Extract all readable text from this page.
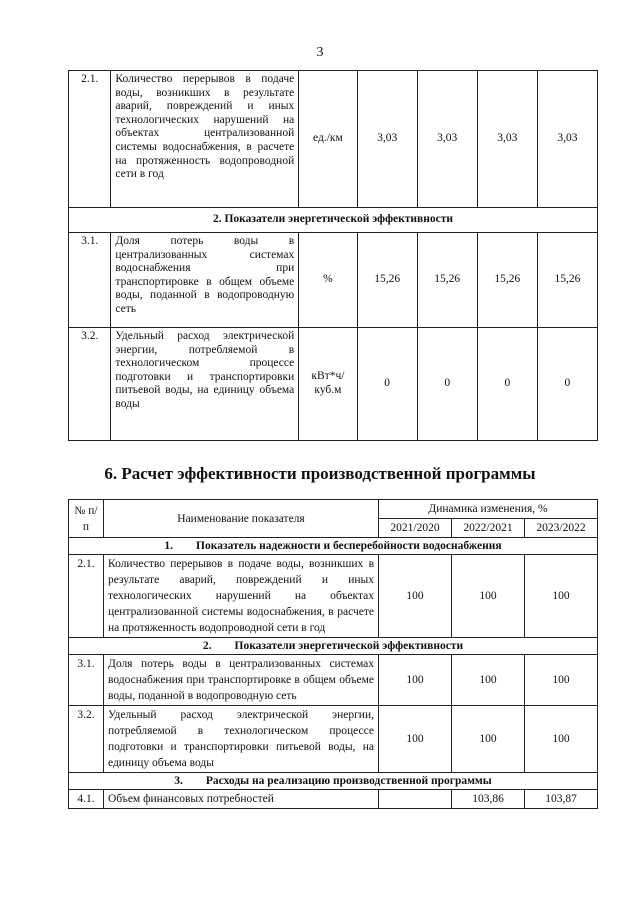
3
2.1.	Количество перерывов в подаче воды, возникших в результате аварий, повреждений и иных технологических нарушений на объектах централизованной системы водоснабжения, в расчете на протяженность водопроводной сети в год	ед./км	3,03	3,03	3,03	3,03
2. Показатели энергетической эффективности						
3.1.	Доля потерь воды в централизованных системах водоснабжения при транспортировке в общем объеме воды, поданной в водопроводную сеть	%	15,26	15,26	15,26	15,26
3.2.	Удельный расход электрической энергии, потребляемой в технологическом процессе подготовки и транспортировки питьевой воды, на единицу объема воды	кВт*ч/ куб.м	0	0	0	0
6. Расчет эффективности производственной программы
№ п/п	Наименование показателя	Динамика изменения, %		
		2021/2020	2022/2021	2023/2022
1. Показатель надежности и бесперебойности водоснабжения				
2.1.	Количество перерывов в подаче воды, возникших в результате аварий, повреждений и иных технологических нарушений на объектах централизованной системы водоснабжения, в расчете на протяженность водопроводной сети в год	100	100	100
2. Показатели энергетической эффективности				
3.1.	Доля потерь воды в централизованных системах водоснабжения при транспортировке в общем объеме воды, поданной в водопроводную сеть	100	100	100
3.2.	Удельный расход электрической энергии, потребляемой в технологическом процессе подготовки и транспортировки питьевой воды, на единицу объема воды	100	100	100
3. Расходы на реализацию производственной программы				
4.1.	Объем финансовых потребностей		103,86	103,87
